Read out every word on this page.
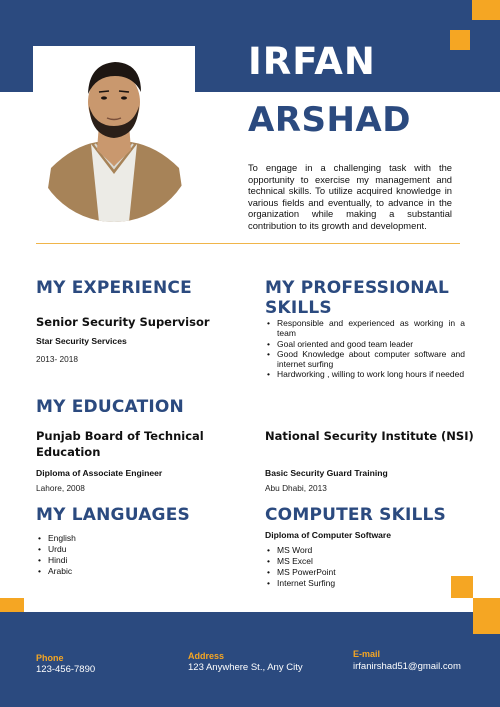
IRFAN
ARSHAD

To engage in a challenging task with the opportunity to exercise my management and technical skills. To utilize acquired knowledge in various fields and eventually, to advance in the organization while making a substantial contribution to its growth and development.

MY EXPERIENCE
Senior Security Supervisor
Star Security Services
2013- 2018
MY PROFESSIONAL SKILLS
• Responsible and experienced as working in a team
• Goal oriented and good team leader
• Good Knowledge about computer software and internet surfing
• Hardworking , willing to work long hours if needed
MY EDUCATION
Punjab Board of Technical Education
Diploma of Associate Engineer
Lahore, 2008
National Security Institute (NSI)
Basic Security Guard Training
Abu Dhabi, 2013
MY LANGUAGES
• English
• Urdu
• Hindi
• Arabic
COMPUTER SKILLS
Diploma of Computer Software
• MS Word
• MS Excel
• MS PowerPoint
• Internet Surfing
Phone
123-456-7890
Address
123 Anywhere St., Any City
E-mail
irfanirshad51@gmail.com
